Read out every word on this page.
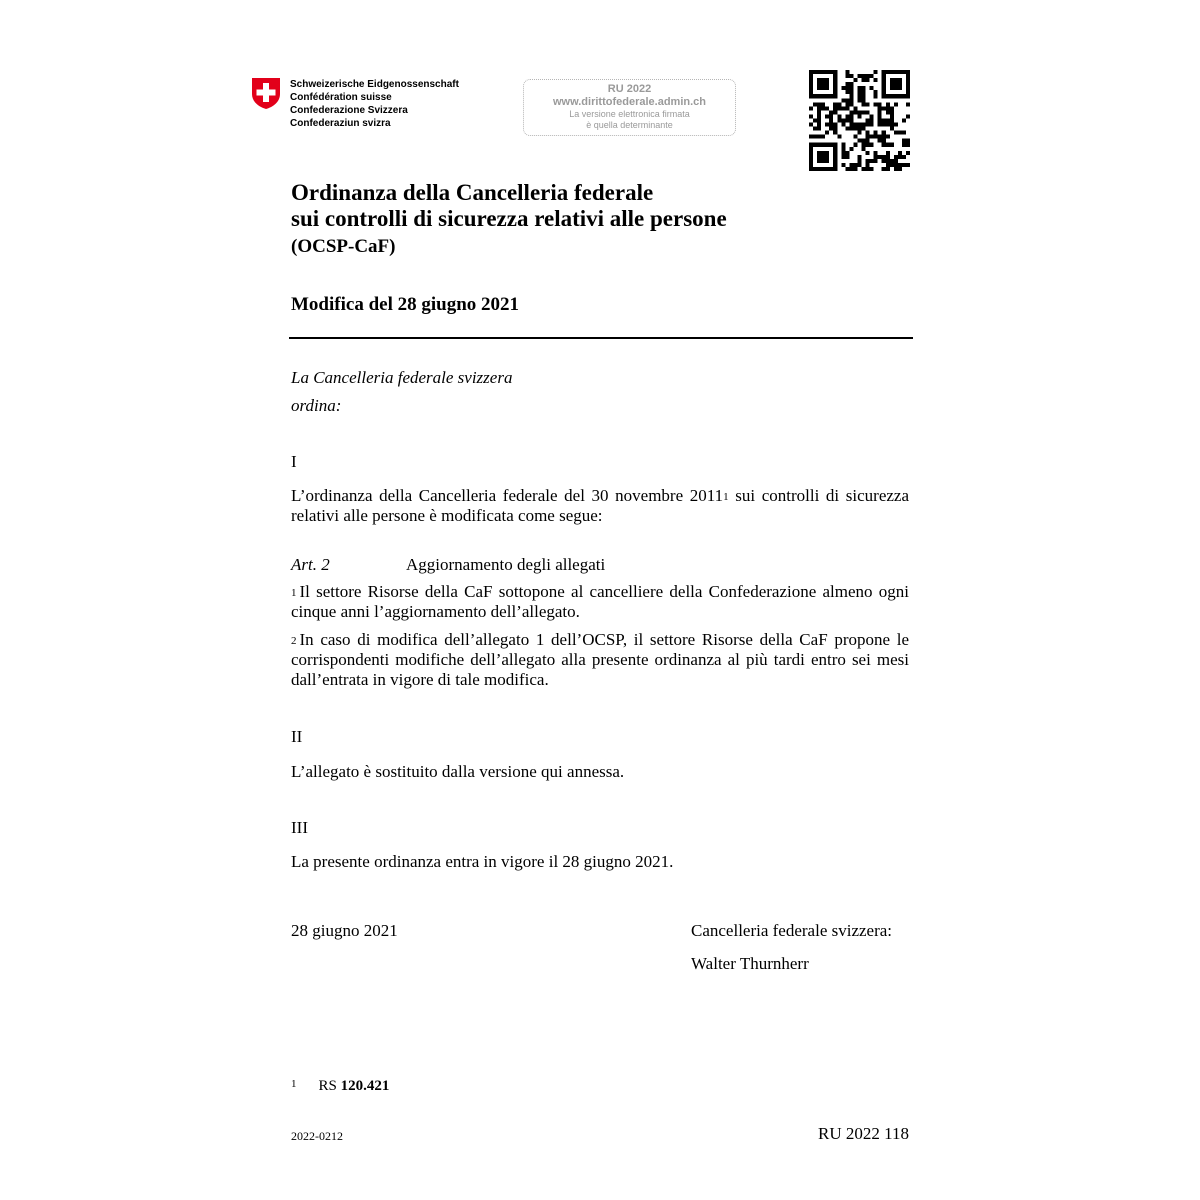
Schweizerische Eidgenossenschaft
Confédération suisse
Confederazione Svizzera
Confederaziun svizra
RU 2022
www.dirittofederale.admin.ch
La versione elettronica firmata
è quella determinante
Ordinanza della Cancelleria federale
sui controlli di sicurezza relativi alle persone
(OCSP-CaF)
Modifica del 28 giugno 2021
La Cancelleria federale svizzera
ordina:
I
L’ordinanza della Cancelleria federale del 30 novembre 2011$^1$ sui controlli di sicurezza relativi alle persone è modificata come segue:
Art. 2	Aggiornamento degli allegati
$^1$ Il settore Risorse della CaF sottopone al cancelliere della Confederazione almeno ogni cinque anni l’aggiornamento dell’allegato.
$^2$ In caso di modifica dell’allegato 1 dell’OCSP, il settore Risorse della CaF propone le corrispondenti modifiche dell’allegato alla presente ordinanza al più tardi entro sei mesi dall’entrata in vigore di tale modifica.
II
L’allegato è sostituito dalla versione qui annessa.
III
La presente ordinanza entra in vigore il 28 giugno 2021.
28 giugno 2021	Cancelleria federale svizzera:
Walter Thurnherr
$^1$ RS 120.421
2022-0212	RU 2022 118
